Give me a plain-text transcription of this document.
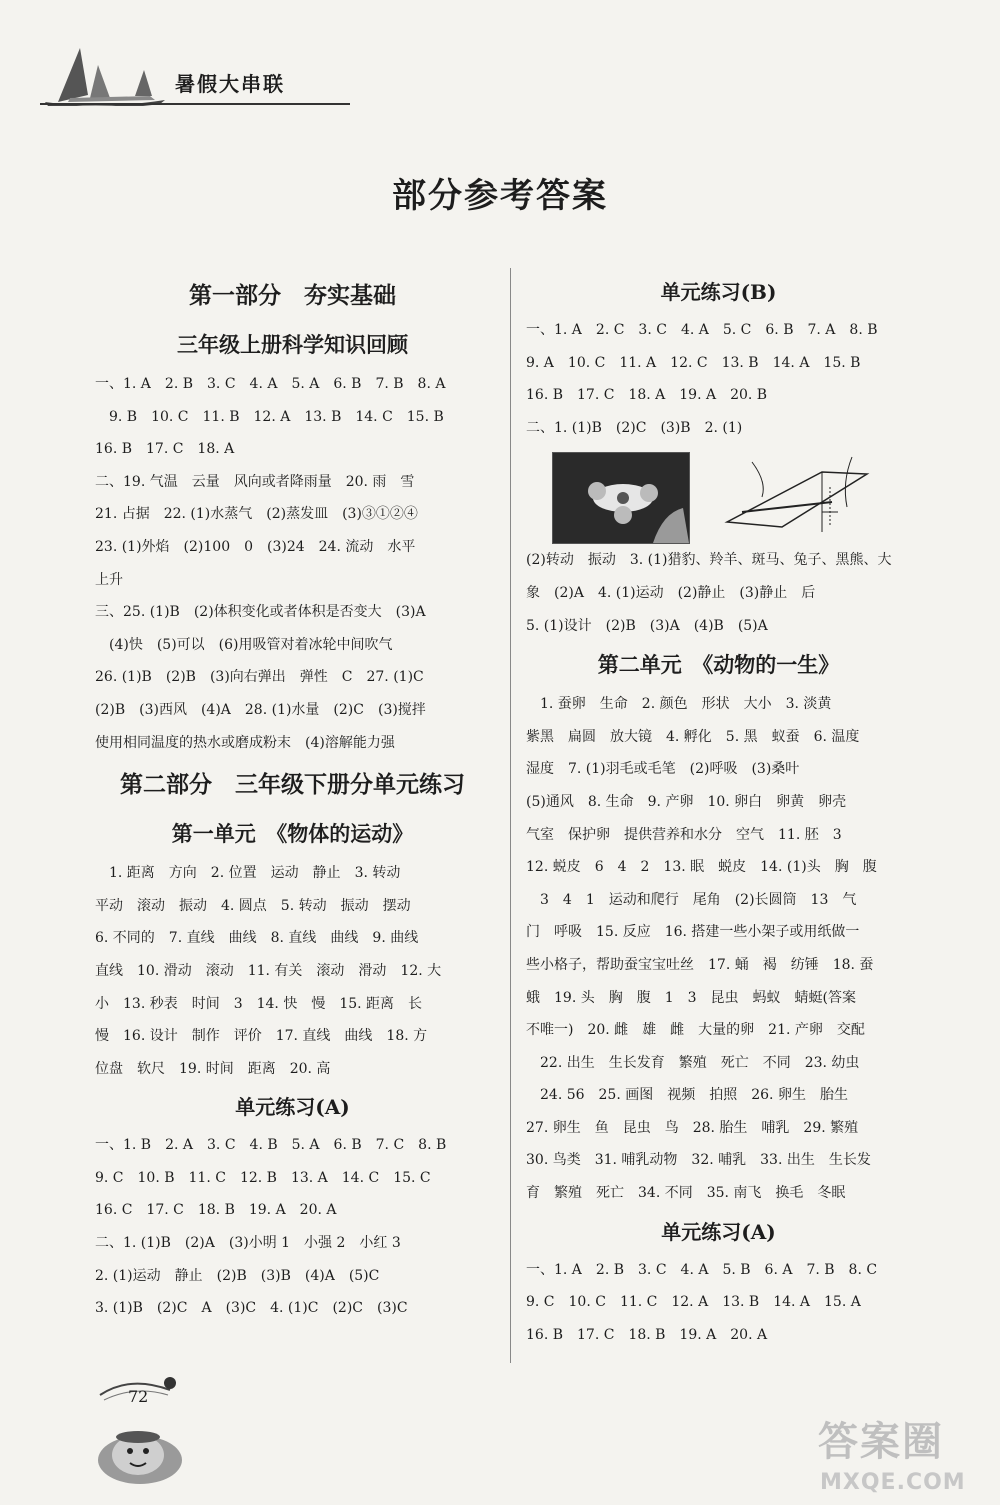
暑假大串联
部分参考答案
第一部分　夯实基础
三年级上册科学知识回顾
一、1. A　2. B　3. C　4. A　5. A　6. B　7. B　8. A
　9. B　10. C　11. B　12. A　13. B　14. C　15. B
16. B　17. C　18. A
二、19. 气温　云量　风向或者降雨量　20. 雨　雪
21. 占据　22. (1)水蒸气　(2)蒸发皿　(3)③①②④
23. (1)外焰　(2)100　0　(3)24　24. 流动　水平
上升
三、25. (1)B　(2)体积变化或者体积是否变大　(3)A
　(4)快　(5)可以　(6)用吸管对着冰轮中间吹气
26. (1)B　(2)B　(3)向右弹出　弹性　C　27. (1)C
(2)B　(3)西风　(4)A　28. (1)水量　(2)C　(3)搅拌
使用相同温度的热水或磨成粉末　(4)溶解能力强
第二部分　三年级下册分单元练习
第一单元　《物体的运动》
　1. 距离　方向　2. 位置　运动　静止　3. 转动
平动　滚动　振动　4. 圆点　5. 转动　振动　摆动
6. 不同的　7. 直线　曲线　8. 直线　曲线　9. 曲线
直线　10. 滑动　滚动　11. 有关　滚动　滑动　12. 大
小　13. 秒表　时间　3　14. 快　慢　15. 距离　长
慢　16. 设计　制作　评价　17. 直线　曲线　18. 方
位盘　软尺　19. 时间　距离　20. 高
单元练习(A)
一、1. B　2. A　3. C　4. B　5. A　6. B　7. C　8. B
9. C　10. B　11. C　12. B　13. A　14. C　15. C
16. C　17. C　18. B　19. A　20. A
二、1. (1)B　(2)A　(3)小明 1　小强 2　小红 3
2. (1)运动　静止　(2)B　(3)B　(4)A　(5)C
3. (1)B　(2)C　A　(3)C　4. (1)C　(2)C　(3)C
单元练习(B)
一、1. A　2. C　3. C　4. A　5. C　6. B　7. A　8. B
9. A　10. C　11. A　12. C　13. B　14. A　15. B
16. B　17. C　18. A　19. A　20. B
二、1. (1)B　(2)C　(3)B　2. (1)
(2)转动　振动　3. (1)猎豹、羚羊、斑马、兔子、黑熊、大
象　(2)A　4. (1)运动　(2)静止　(3)静止　后
5. (1)设计　(2)B　(3)A　(4)B　(5)A
第二单元　《动物的一生》
　1. 蚕卵　生命　2. 颜色　形状　大小　3. 淡黄
紫黑　扁圆　放大镜　4. 孵化　5. 黑　蚁蚕　6. 温度
湿度　7. (1)羽毛或毛笔　(2)呼吸　(3)桑叶
(5)通风　8. 生命　9. 产卵　10. 卵白　卵黄　卵壳
气室　保护卵　提供营养和水分　空气　11. 胚　3
12. 蜕皮　6　4　2　13. 眠　蜕皮　14. (1)头　胸　腹
　3　4　1　运动和爬行　尾角　(2)长圆筒　13　气
门　呼吸　15. 反应　16. 搭建一些小架子或用纸做一
些小格子，帮助蚕宝宝吐丝　17. 蛹　褐　纺锤　18. 蚕
蛾　19. 头　胸　腹　1　3　昆虫　蚂蚁　蜻蜓(答案
不唯一)　20. 雌　雄　雌　大量的卵　21. 产卵　交配
　22. 出生　生长发育　繁殖　死亡　不同　23. 幼虫
　24. 56　25. 画图　视频　拍照　26. 卵生　胎生
27. 卵生　鱼　昆虫　鸟　28. 胎生　哺乳　29. 繁殖
30. 鸟类　31. 哺乳动物　32. 哺乳　33. 出生　生长发
育　繁殖　死亡　34. 不同　35. 南飞　换毛　冬眠
单元练习(A)
一、1. A　2. B　3. C　4. A　5. B　6. A　7. B　8. C
9. C　10. C　11. C　12. A　13. B　14. A　15. A
16. B　17. C　18. B　19. A　20. A
72
答案圈
MXQE.COM
